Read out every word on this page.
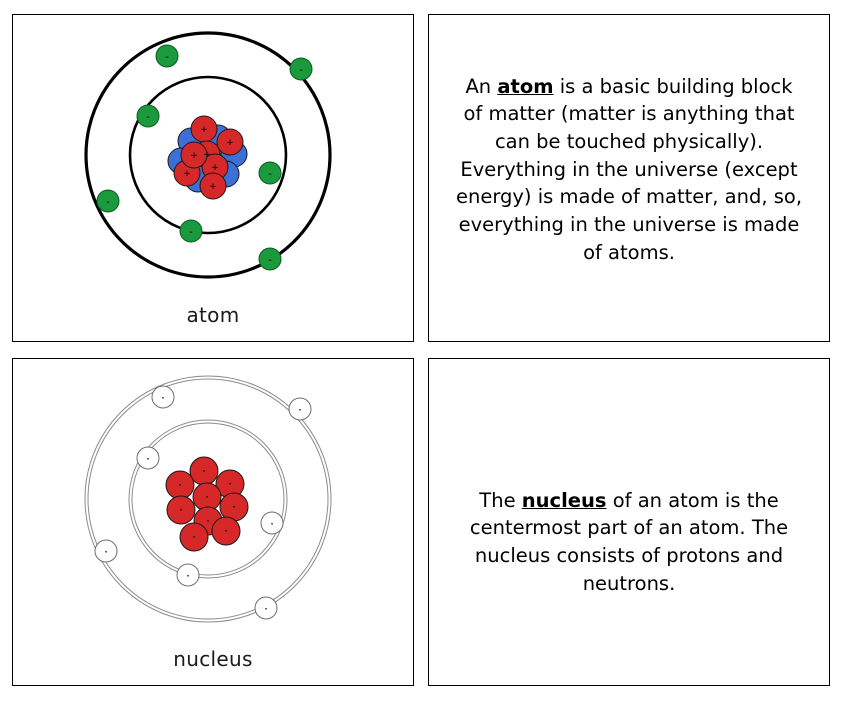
+
+
+
+
+
+
+
-
-
-
-
-
-
-
atom

An atom is a basic building block of matter (matter is anything that can be touched physically). Everything in the universe (except energy) is made of matter, and, so, everything in the universe is made of atoms.

·
·
·
·
·
·
·
·
·
·
·
·
·
·
·
·
nucleus

The nucleus of an atom is the centermost part of an atom. The nucleus consists of protons and neutrons.
